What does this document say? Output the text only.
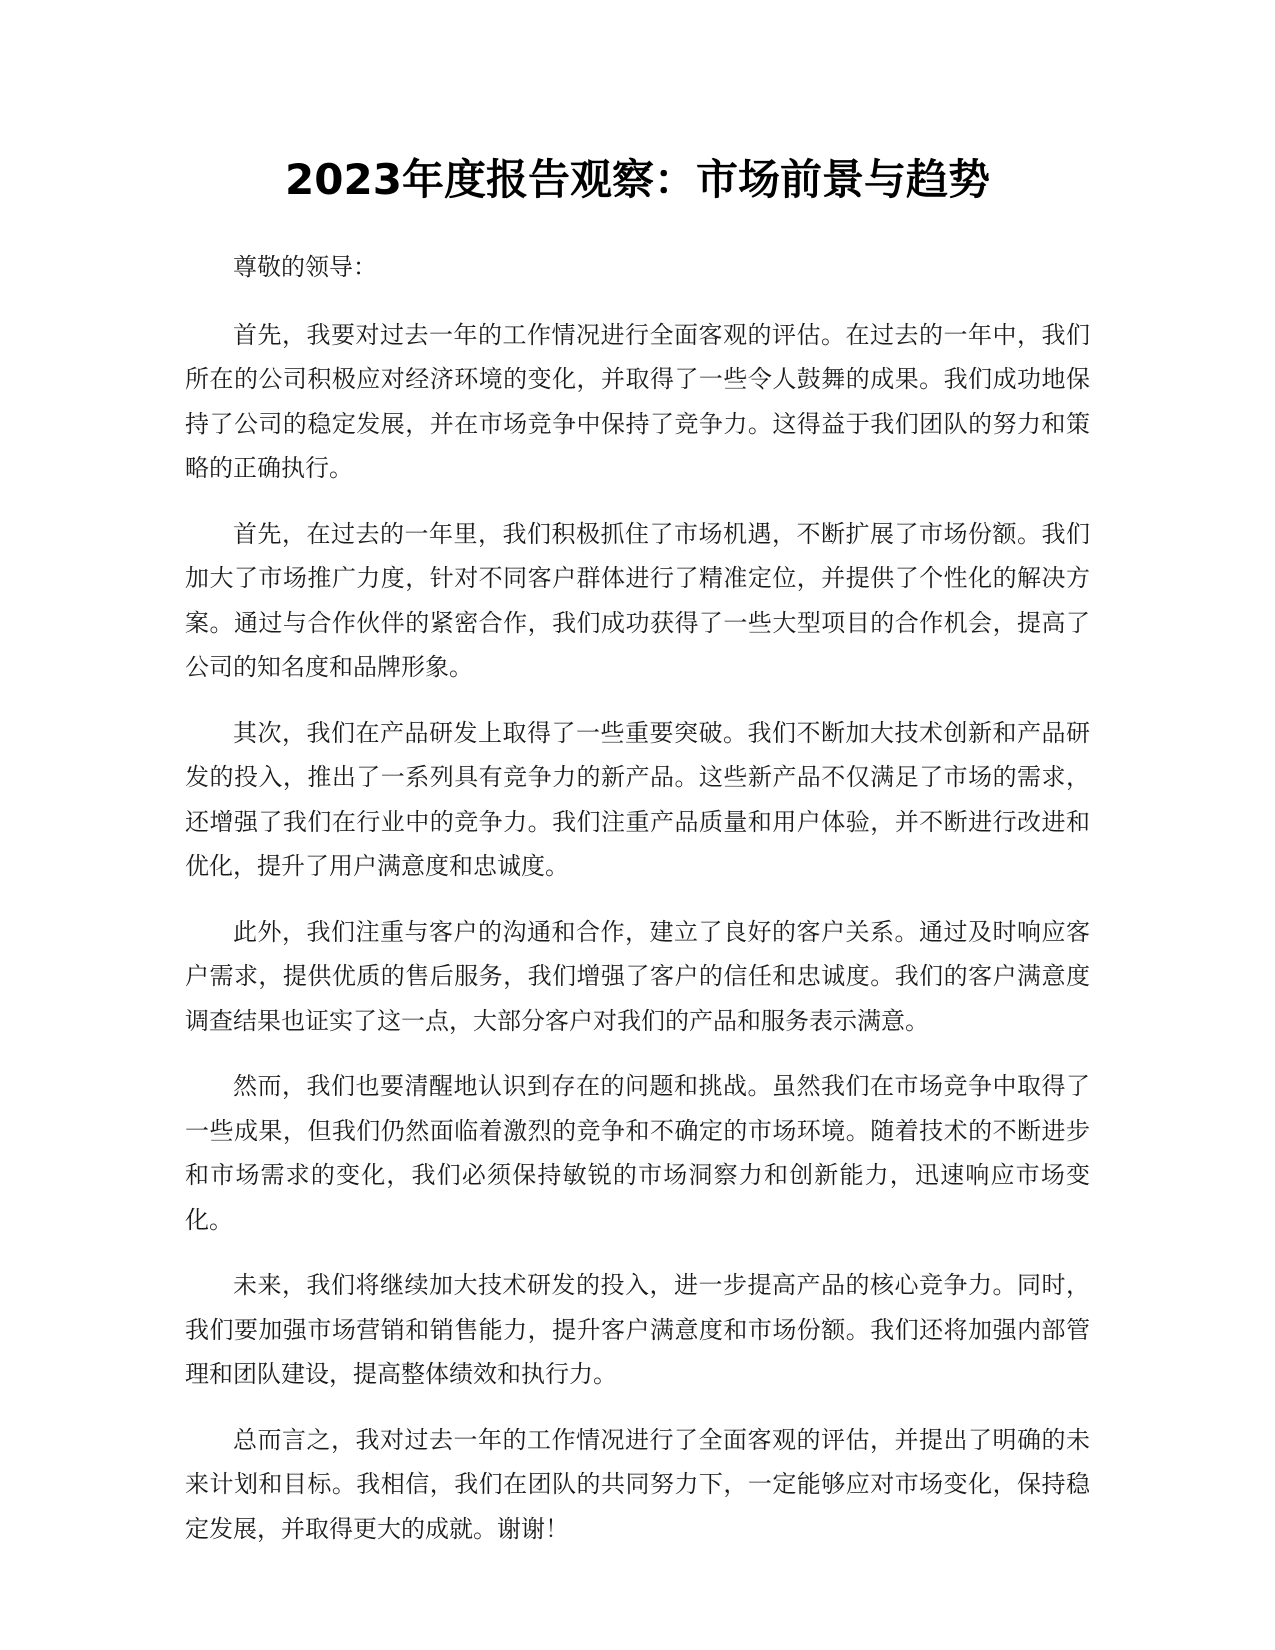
2023年度报告观察：市场前景与趋势

尊敬的领导：

首先，我要对过去一年的工作情况进行全面客观的评估。在过去的一年中，我们所在的公司积极应对经济环境的变化，并取得了一些令人鼓舞的成果。我们成功地保持了公司的稳定发展，并在市场竞争中保持了竞争力。这得益于我们团队的努力和策略的正确执行。

首先，在过去的一年里，我们积极抓住了市场机遇，不断扩展了市场份额。我们加大了市场推广力度，针对不同客户群体进行了精准定位，并提供了个性化的解决方案。通过与合作伙伴的紧密合作，我们成功获得了一些大型项目的合作机会，提高了公司的知名度和品牌形象。

其次，我们在产品研发上取得了一些重要突破。我们不断加大技术创新和产品研发的投入，推出了一系列具有竞争力的新产品。这些新产品不仅满足了市场的需求，还增强了我们在行业中的竞争力。我们注重产品质量和用户体验，并不断进行改进和优化，提升了用户满意度和忠诚度。

此外，我们注重与客户的沟通和合作，建立了良好的客户关系。通过及时响应客户需求，提供优质的售后服务，我们增强了客户的信任和忠诚度。我们的客户满意度调查结果也证实了这一点，大部分客户对我们的产品和服务表示满意。

然而，我们也要清醒地认识到存在的问题和挑战。虽然我们在市场竞争中取得了一些成果，但我们仍然面临着激烈的竞争和不确定的市场环境。随着技术的不断进步和市场需求的变化，我们必须保持敏锐的市场洞察力和创新能力，迅速响应市场变化。

未来，我们将继续加大技术研发的投入，进一步提高产品的核心竞争力。同时，我们要加强市场营销和销售能力，提升客户满意度和市场份额。我们还将加强内部管理和团队建设，提高整体绩效和执行力。

总而言之，我对过去一年的工作情况进行了全面客观的评估，并提出了明确的未来计划和目标。我相信，我们在团队的共同努力下，一定能够应对市场变化，保持稳定发展，并取得更大的成就。谢谢！
